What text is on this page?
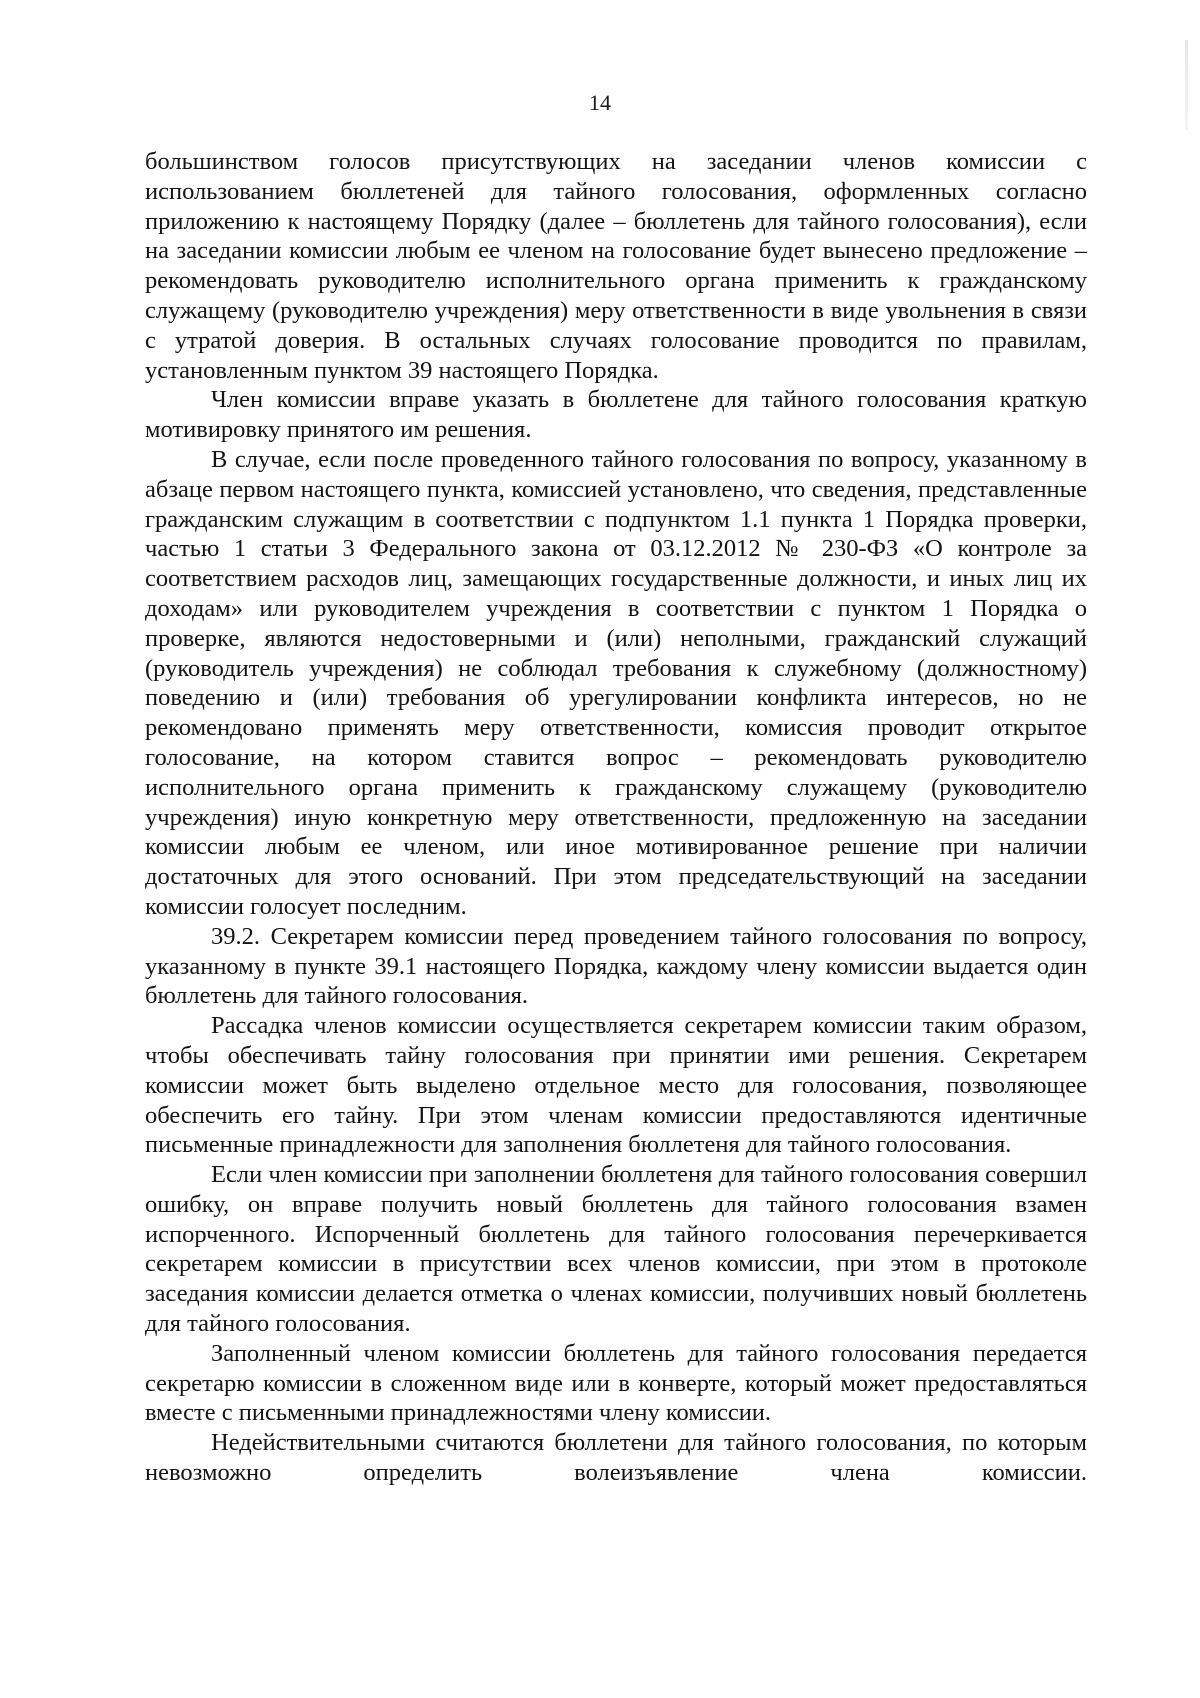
14

большинством голосов присутствующих на заседании членов комиссии с использованием бюллетеней для тайного голосования, оформленных согласно приложению к настоящему Порядку (далее – бюллетень для тайного голосования), если на заседании комиссии любым ее членом на голосование будет вынесено предложение – рекомендовать руководителю исполнительного органа применить к гражданскому служащему (руководителю учреждения) меру ответственности в виде увольнения в связи с утратой доверия. В остальных случаях голосование проводится по правилам, установленным пунктом 39 настоящего Порядка.

Член комиссии вправе указать в бюллетене для тайного голосования краткую мотивировку принятого им решения.

В случае, если после проведенного тайного голосования по вопросу, указанному в абзаце первом настоящего пункта, комиссией установлено, что сведения, представленные гражданским служащим в соответствии с подпунктом 1.1 пункта 1 Порядка проверки, частью 1 статьи 3 Федерального закона от 03.12.2012 № 230-ФЗ «О контроле за соответствием расходов лиц, замещающих государственные должности, и иных лиц их доходам» или руководителем учреждения в соответствии с пунктом 1 Порядка о проверке, являются недостоверными и (или) неполными, гражданский служащий (руководитель учреждения) не соблюдал требования к служебному (должностному) поведению и (или) требования об урегулировании конфликта интересов, но не рекомендовано применять меру ответственности, комиссия проводит открытое голосование, на котором ставится вопрос – рекомендовать руководителю исполнительного органа применить к гражданскому служащему (руководителю учреждения) иную конкретную меру ответственности, предложенную на заседании комиссии любым ее членом, или иное мотивированное решение при наличии достаточных для этого оснований. При этом председательствующий на заседании комиссии голосует последним.

39.2. Секретарем комиссии перед проведением тайного голосования по вопросу, указанному в пункте 39.1 настоящего Порядка, каждому члену комиссии выдается один бюллетень для тайного голосования.

Рассадка членов комиссии осуществляется секретарем комиссии таким образом, чтобы обеспечивать тайну голосования при принятии ими решения. Секретарем комиссии может быть выделено отдельное место для голосования, позволяющее обеспечить его тайну. При этом членам комиссии предоставляются идентичные письменные принадлежности для заполнения бюллетеня для тайного голосования.

Если член комиссии при заполнении бюллетеня для тайного голосования совершил ошибку, он вправе получить новый бюллетень для тайного голосования взамен испорченного. Испорченный бюллетень для тайного голосования перечеркивается секретарем комиссии в присутствии всех членов комиссии, при этом в протоколе заседания комиссии делается отметка о членах комиссии, получивших новый бюллетень для тайного голосования.

Заполненный членом комиссии бюллетень для тайного голосования передается секретарю комиссии в сложенном виде или в конверте, который может предоставляться вместе с письменными принадлежностями члену комиссии.

Недействительными считаются бюллетени для тайного голосования, по которым невозможно определить волеизъявление члена комиссии.
